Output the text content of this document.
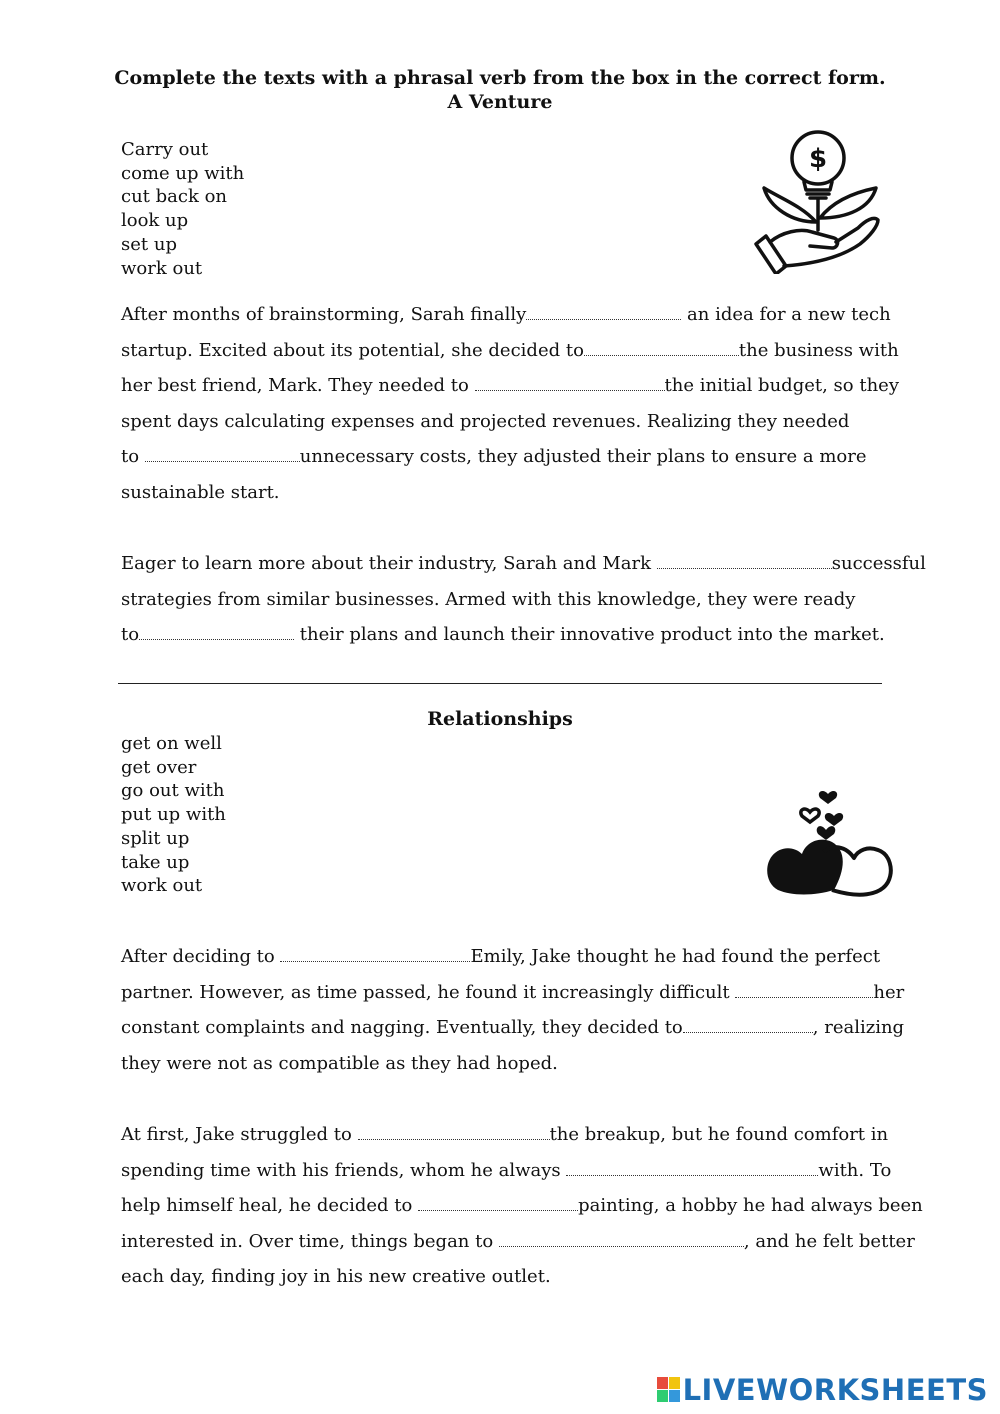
Complete the texts with a phrasal verb from the box in the correct form.
A Venture
Carry out
come up with
cut back on
look up
set up
work out
$

After months of brainstorming, Sarah finally	an idea for a new tech
startup. Excited about its potential, she decided to	the business with
her best friend, Mark. They needed to	the initial budget, so they
spent days calculating expenses and projected revenues. Realizing they needed
to	unnecessary costs, they adjusted their plans to ensure a more
sustainable start.

Eager to learn more about their industry, Sarah and Mark	successful
strategies from similar businesses. Armed with this knowledge, they were ready
to	their plans and launch their innovative product into the market.

Relationships
get on well
get over
go out with
put up with
split up
take up
work out

After deciding to	Emily, Jake thought he had found the perfect
partner. However, as time passed, he found it increasingly difficult	her
constant complaints and nagging. Eventually, they decided to	, realizing
they were not as compatible as they had hoped.

At first, Jake struggled to	the breakup, but he found comfort in
spending time with his friends, whom he always	with. To
help himself heal, he decided to	painting, a hobby he had always been
interested in. Over time, things began to	, and he felt better
each day, finding joy in his new creative outlet.

LIVEWORKSHEETS
